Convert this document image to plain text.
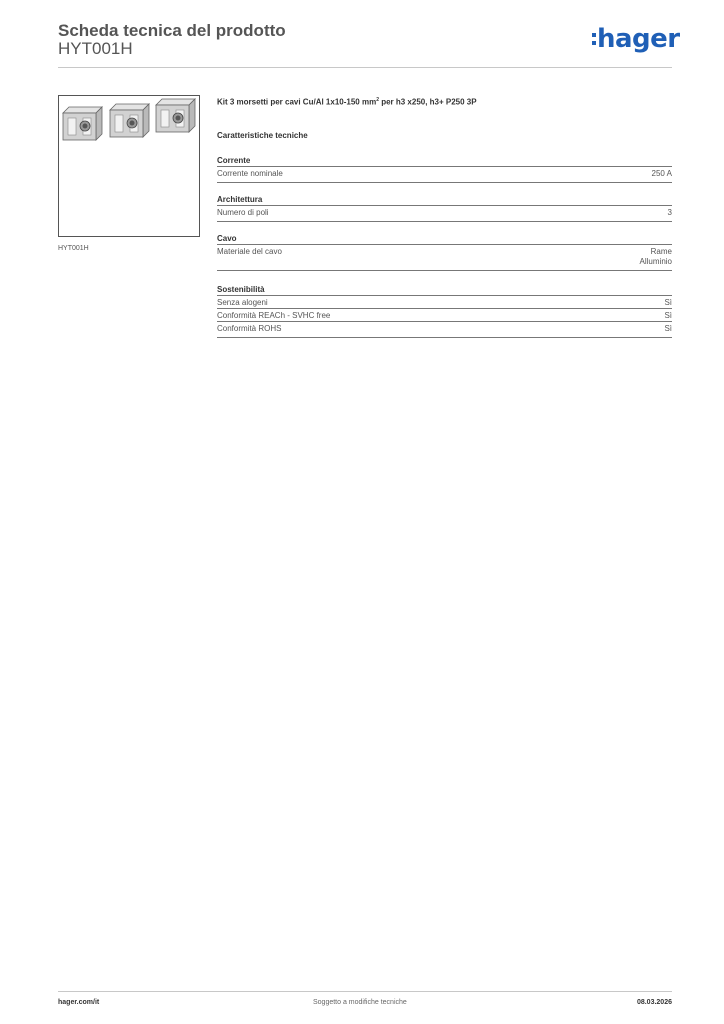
Scheda tecnica del prodotto
HYT001H	hager
HYT001H
Kit 3 morsetti per cavi Cu/Al 1x10-150 $mm^2$ per h3 x250, h3+ P250 3P
Caratteristiche tecniche
Corrente
Corrente nominale	250 A
Architettura
Numero di poli	3
Cavo
Materiale del cavo	Rame
Alluminio
Sostenibilità
Senza alogeni	Sì
Conformità REACh - SVHC free	Sì
Conformità ROHS	Sì
hager.com/it	Soggetto a modifiche tecniche	08.03.2026
